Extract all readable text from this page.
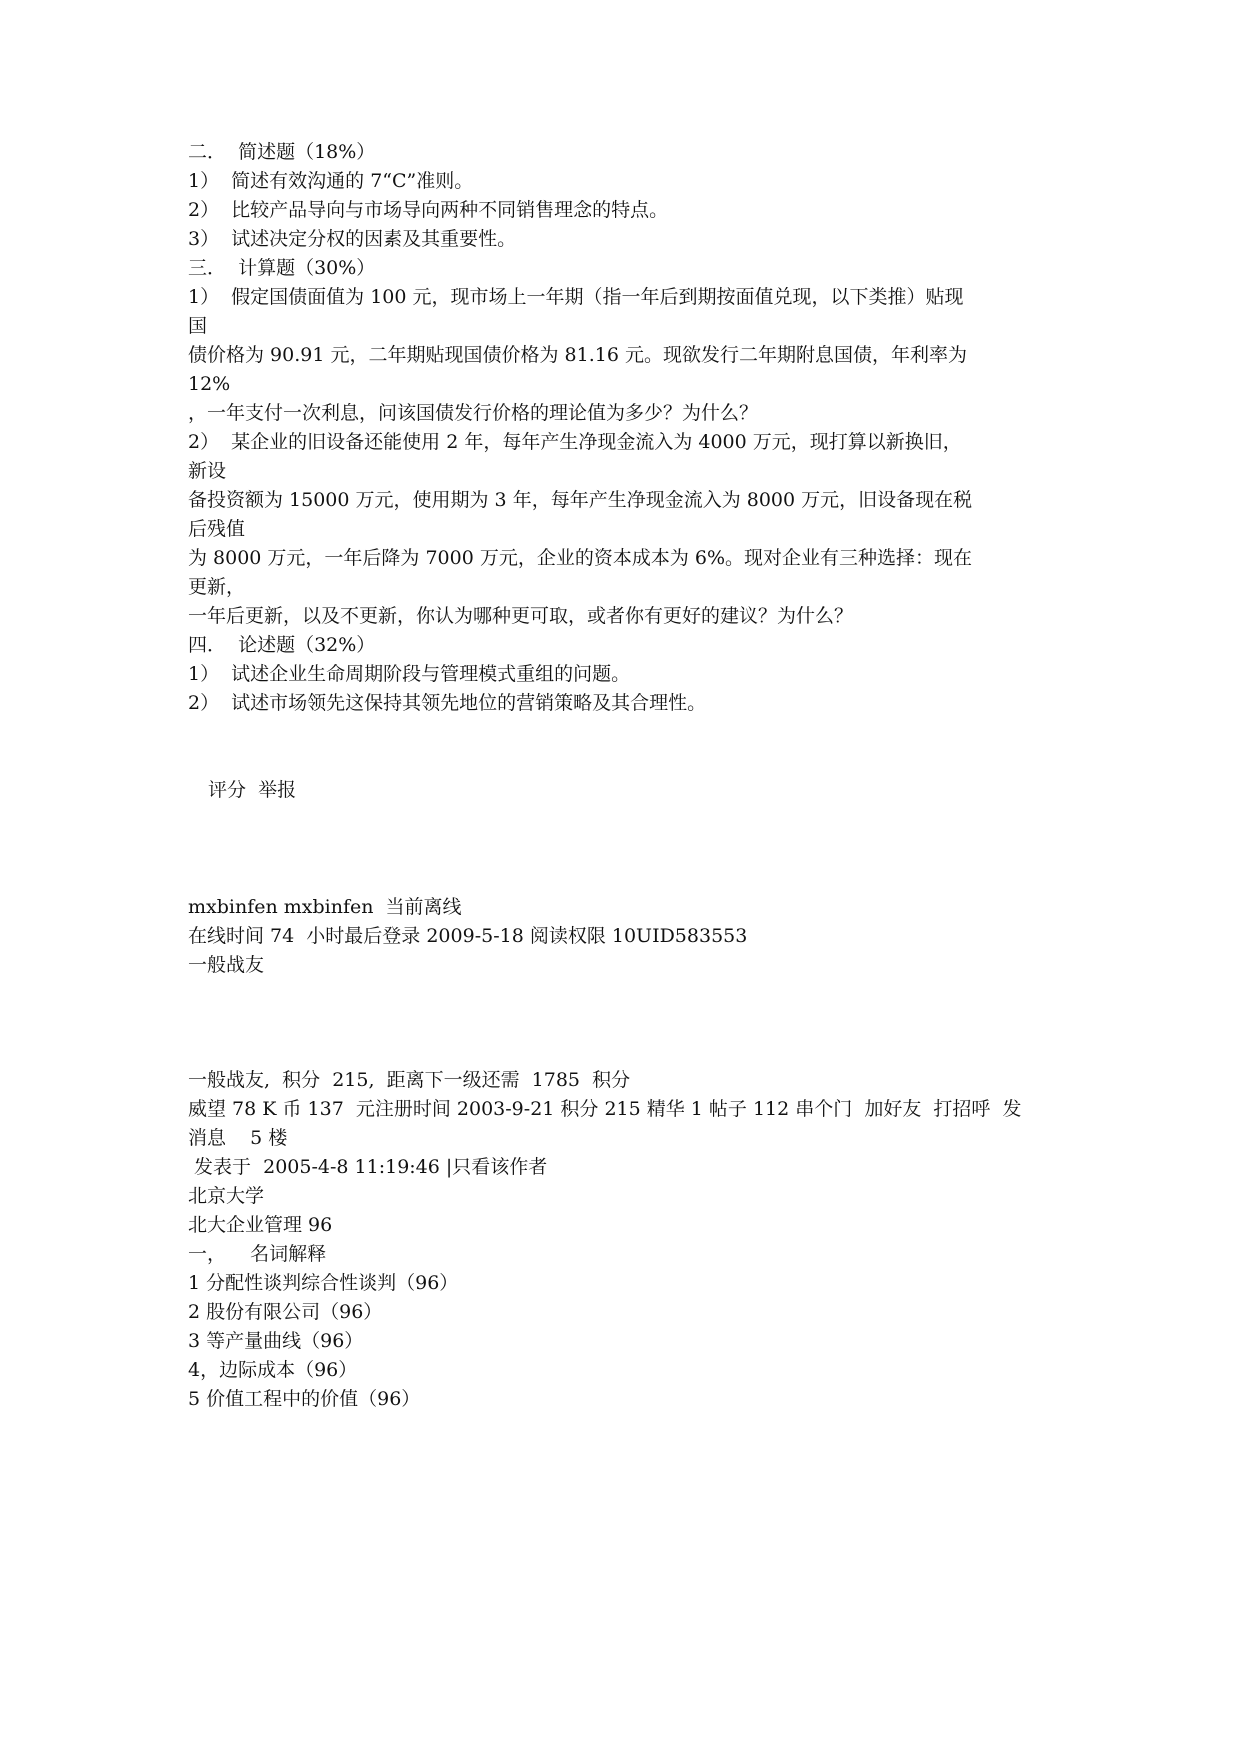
二．  简述题（18%）
1）  简述有效沟通的 7“C”准则。
2）  比较产品导向与市场导向两种不同销售理念的特点。
3）  试述决定分权的因素及其重要性。
三．  计算题（30%）
1）  假定国债面值为 100 元，现市场上一年期（指一年后到期按面值兑现，以下类推）贴现
国
债价格为 90.91 元，二年期贴现国债价格为 81.16 元。现欲发行二年期附息国债，年利率为
12%
，一年支付一次利息，问该国债发行价格的理论值为多少？为什么？
2）  某企业的旧设备还能使用 2 年，每年产生净现金流入为 4000 万元，现打算以新换旧，
新设
备投资额为 15000 万元，使用期为 3 年，每年产生净现金流入为 8000 万元，旧设备现在税
后残值
为 8000 万元，一年后降为 7000 万元，企业的资本成本为 6%。现对企业有三种选择：现在
更新，
一年后更新，以及不更新，你认为哪种更可取，或者你有更好的建议？为什么？
四．  论述题（32%）
1）  试述企业生命周期阶段与管理模式重组的问题。
2）  试述市场领先这保持其领先地位的营销策略及其合理性。
评分  举报
mxbinfen mxbinfen  当前离线
在线时间 74  小时最后登录 2009-5-18 阅读权限 10UID583553
一般战友
一般战友,  积分  215,  距离下一级还需  1785  积分
威望 78 K 币 137  元注册时间 2003-9-21 积分 215 精华 1 帖子 112 串个门  加好友  打招呼  发
消息    5 楼
发表于  2005-4-8 11:19:46 |只看该作者
北京大学
北大企业管理 96
一，    名词解释
1 分配性谈判综合性谈判（96）
2 股份有限公司（96）
3 等产量曲线（96）
4，边际成本（96）
5 价值工程中的价值（96）
